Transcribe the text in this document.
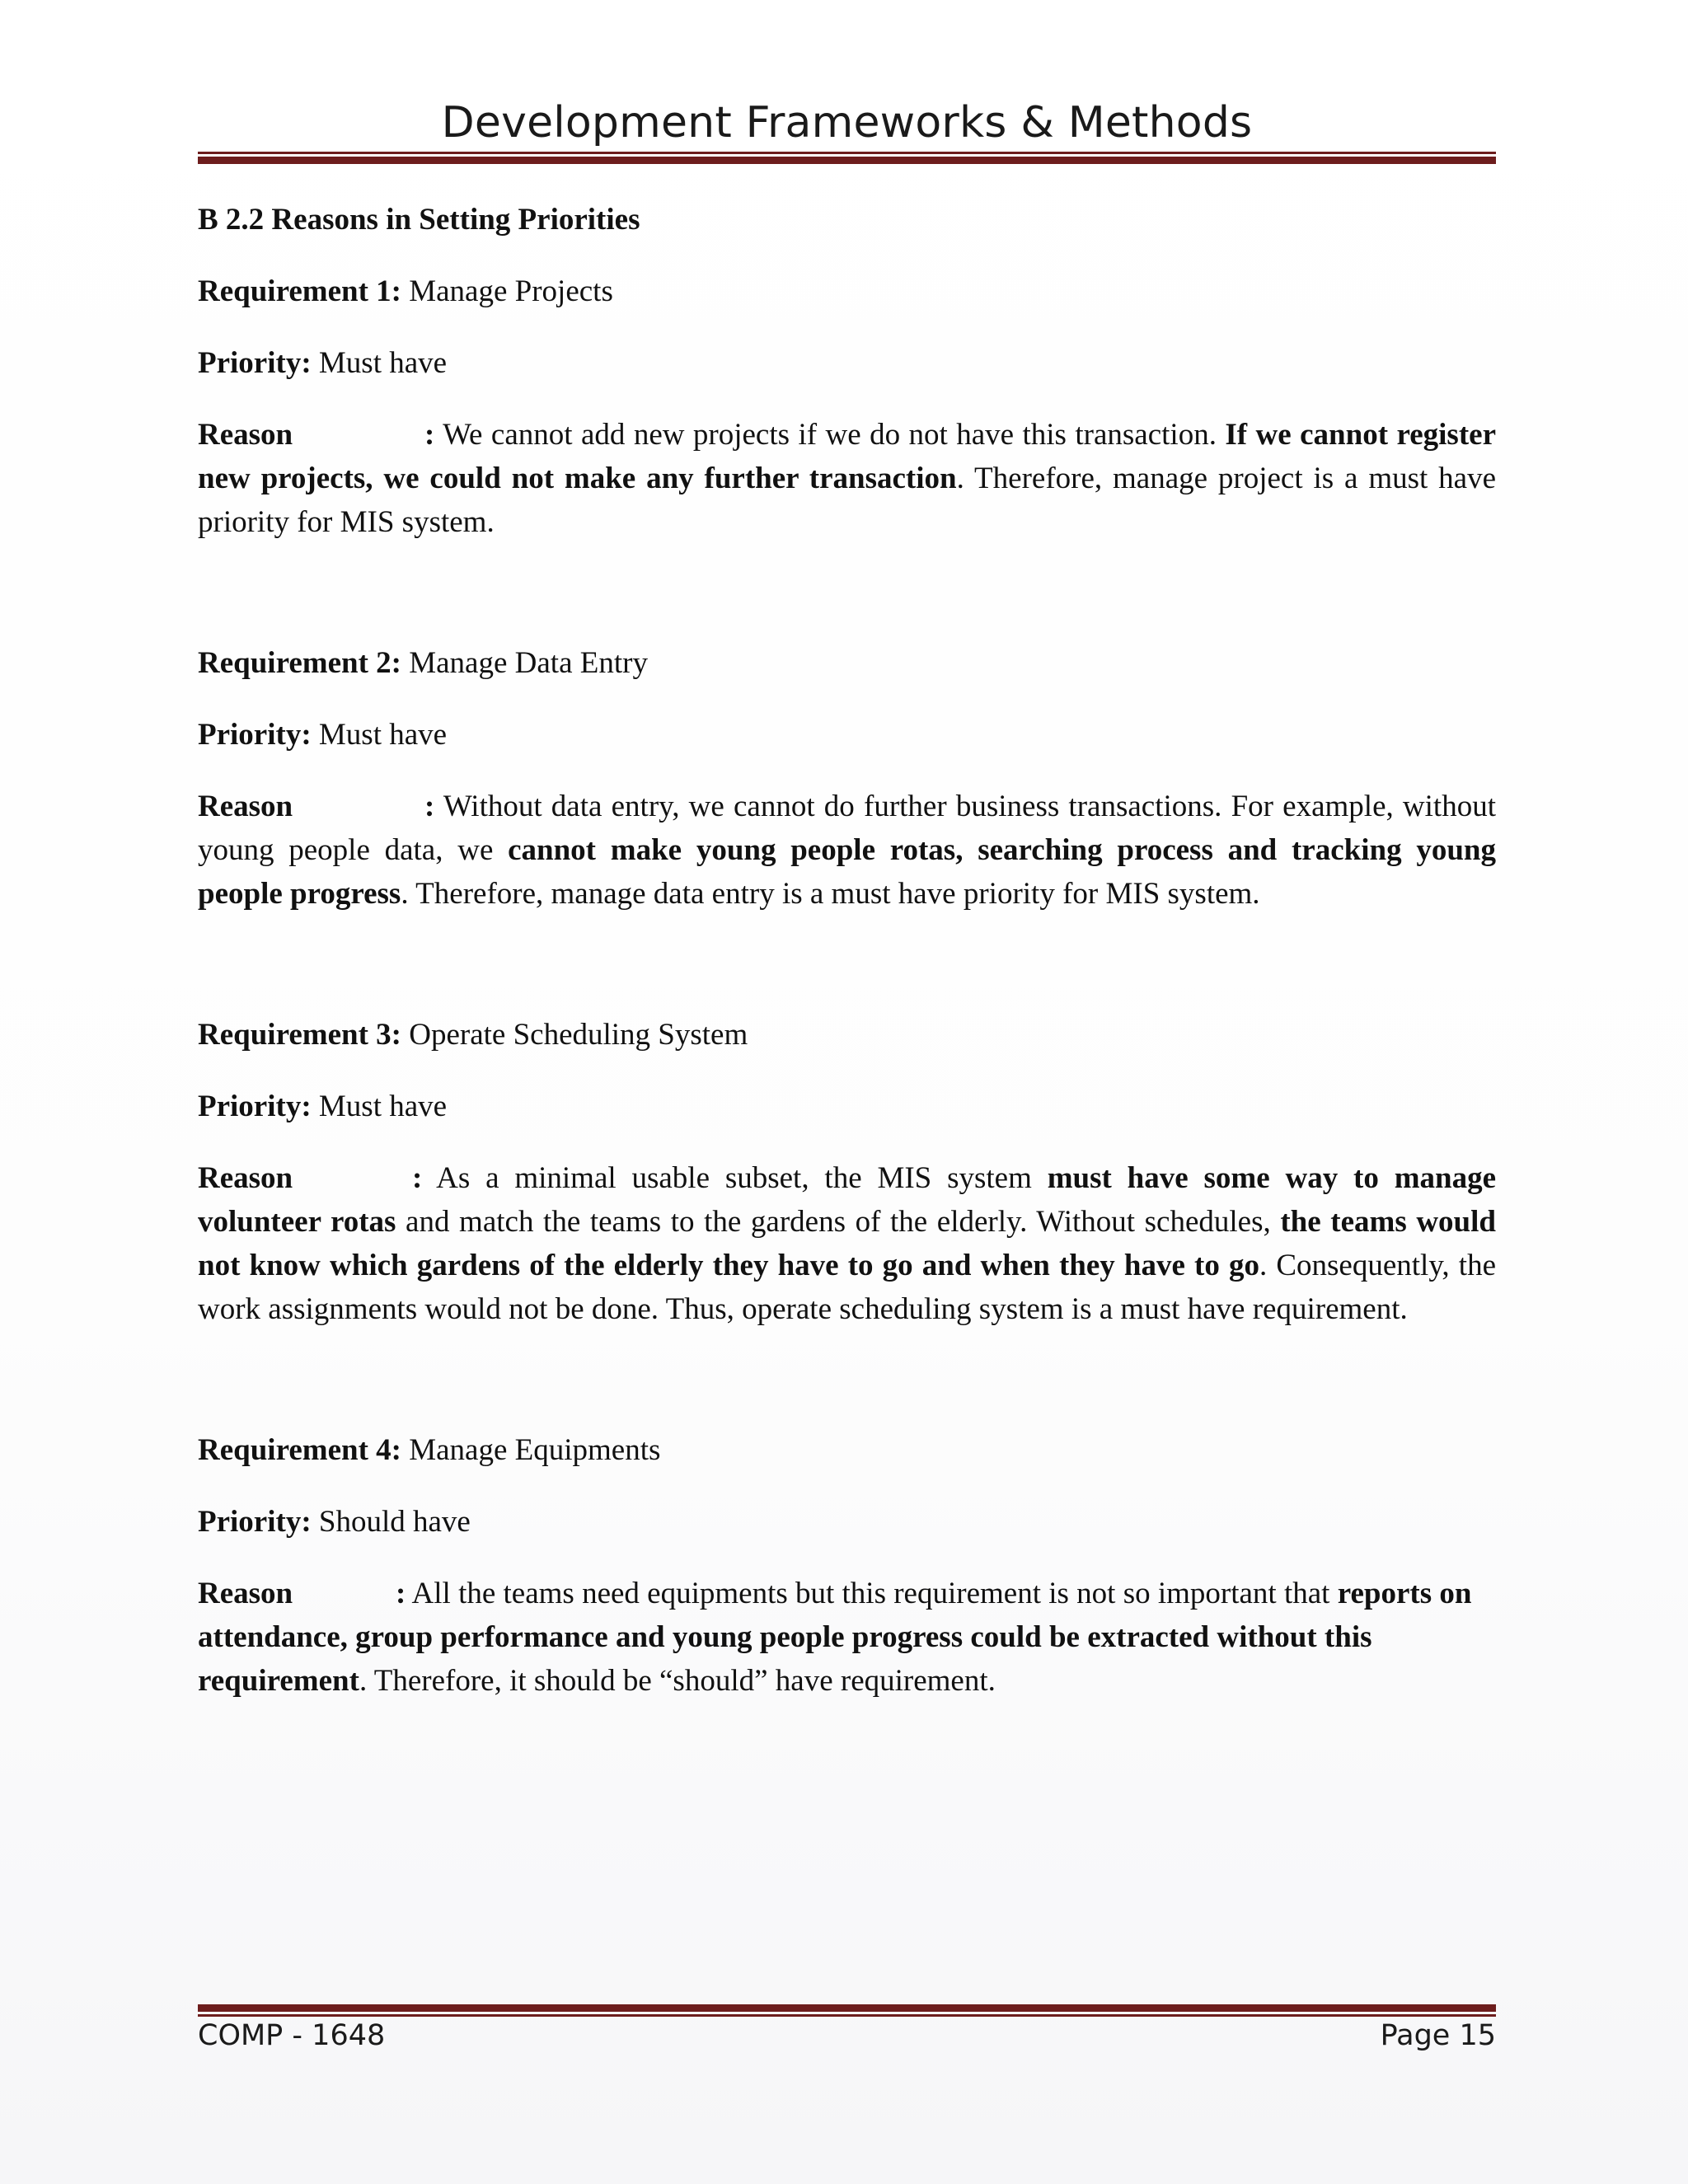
Development Frameworks & Methods
B 2.2 Reasons in Setting Priorities

Requirement 1: Manage Projects

Priority: Must have

Reason	: We cannot add new projects if we do not have this transaction. If we cannot register new projects, we could not make any further transaction. Therefore, manage project is a must have priority for MIS system.

Requirement 2: Manage Data Entry

Priority: Must have

Reason	: Without data entry, we cannot do further business transactions. For example, without young people data, we cannot make young people rotas, searching process and tracking young people progress. Therefore, manage data entry is a must have priority for MIS system.

Requirement 3: Operate Scheduling System

Priority: Must have

Reason	: As a minimal usable subset, the MIS system must have some way to manage volunteer rotas and match the teams to the gardens of the elderly. Without schedules, the teams would not know which gardens of the elderly they have to go and when they have to go. Consequently, the work assignments would not be done. Thus, operate scheduling system is a must have requirement.

Requirement 4: Manage Equipments

Priority: Should have

Reason	: All the teams need equipments but this requirement is not so important that reports on attendance, group performance and young people progress could be extracted without this requirement. Therefore, it should be “should” have requirement.

COMP - 1648	Page 15
